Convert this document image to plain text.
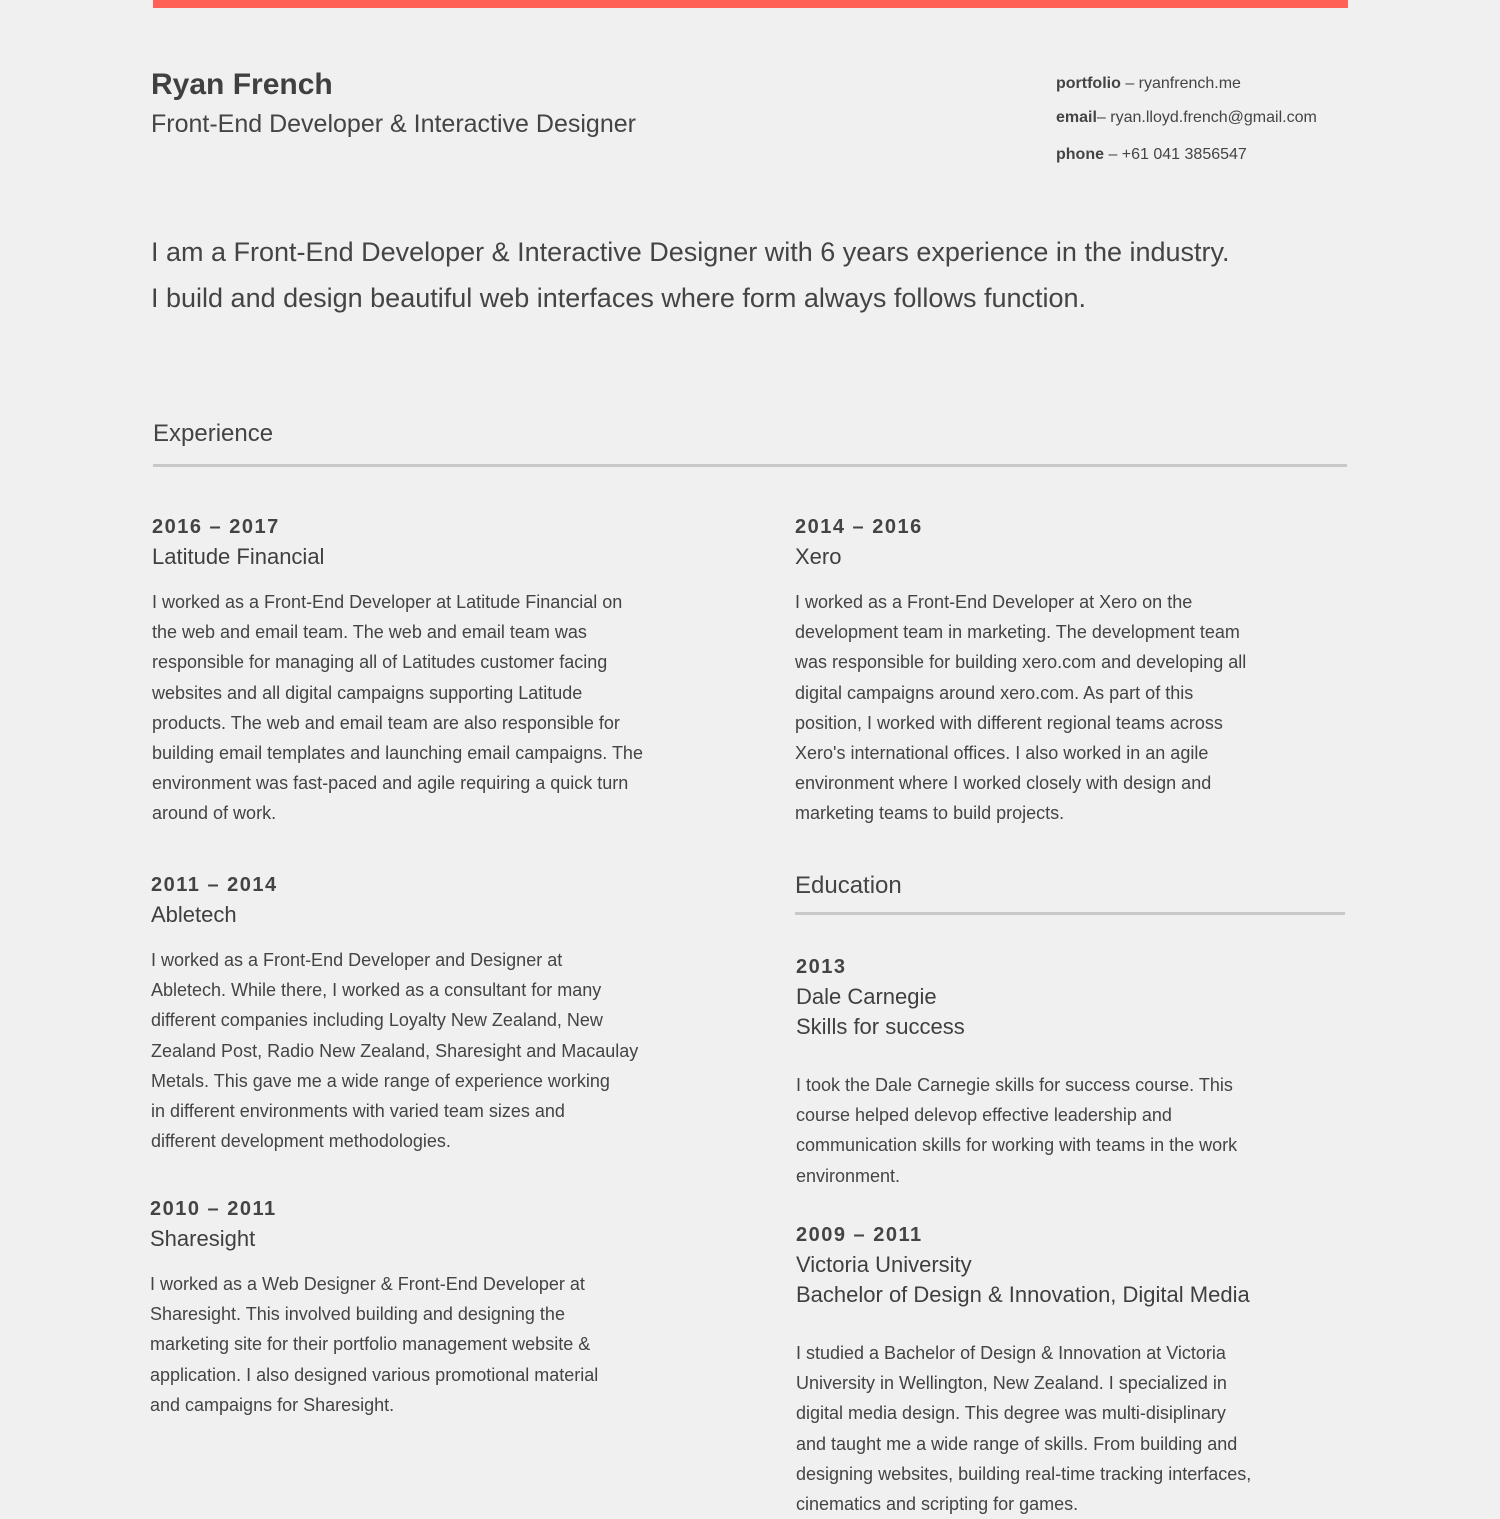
Ryan French
Front-End Developer & Interactive Designer
portfolio – ryanfrench.me
email– ryan.lloyd.french@gmail.com
phone – +61 041 3856547
I am a Front-End Developer & Interactive Designer with 6 years experience in the industry.
I build and design beautiful web interfaces where form always follows function.
Experience
2016 – 2017
Latitude Financial
I worked as a Front-End Developer at Latitude Financial on
the web and email team. The web and email team was
responsible for managing all of Latitudes customer facing
websites and all digital campaigns supporting Latitude
products. The web and email team are also responsible for
building email templates and launching email campaigns. The
environment was fast-paced and agile requiring a quick turn
around of work.
2014 – 2016
Xero
I worked as a Front-End Developer at Xero on the
development team in marketing. The development team
was responsible for building xero.com and developing all
digital campaigns around xero.com. As part of this
position, I worked with different regional teams across
Xero's international offices. I also worked in an agile
environment where I worked closely with design and
marketing teams to build projects.
2011 – 2014
Abletech
I worked as a Front-End Developer and Designer at
Abletech. While there, I worked as a consultant for many
different companies including Loyalty New Zealand, New
Zealand Post, Radio New Zealand, Sharesight and Macaulay
Metals. This gave me a wide range of experience working
in different environments with varied team sizes and
different development methodologies.
2010 – 2011
Sharesight
I worked as a Web Designer & Front-End Developer at
Sharesight. This involved building and designing the
marketing site for their portfolio management website &
application. I also designed various promotional material
and campaigns for Sharesight.
Education
2013
Dale Carnegie
Skills for success
I took the Dale Carnegie skills for success course. This
course helped delevop effective leadership and
communication skills for working with teams in the work
environment.
2009 – 2011
Victoria University
Bachelor of Design & Innovation, Digital Media
I studied a Bachelor of Design & Innovation at Victoria
University in Wellington, New Zealand. I specialized in
digital media design. This degree was multi-disiplinary
and taught me a wide range of skills. From building and
designing websites, building real-time tracking interfaces,
cinematics and scripting for games.
